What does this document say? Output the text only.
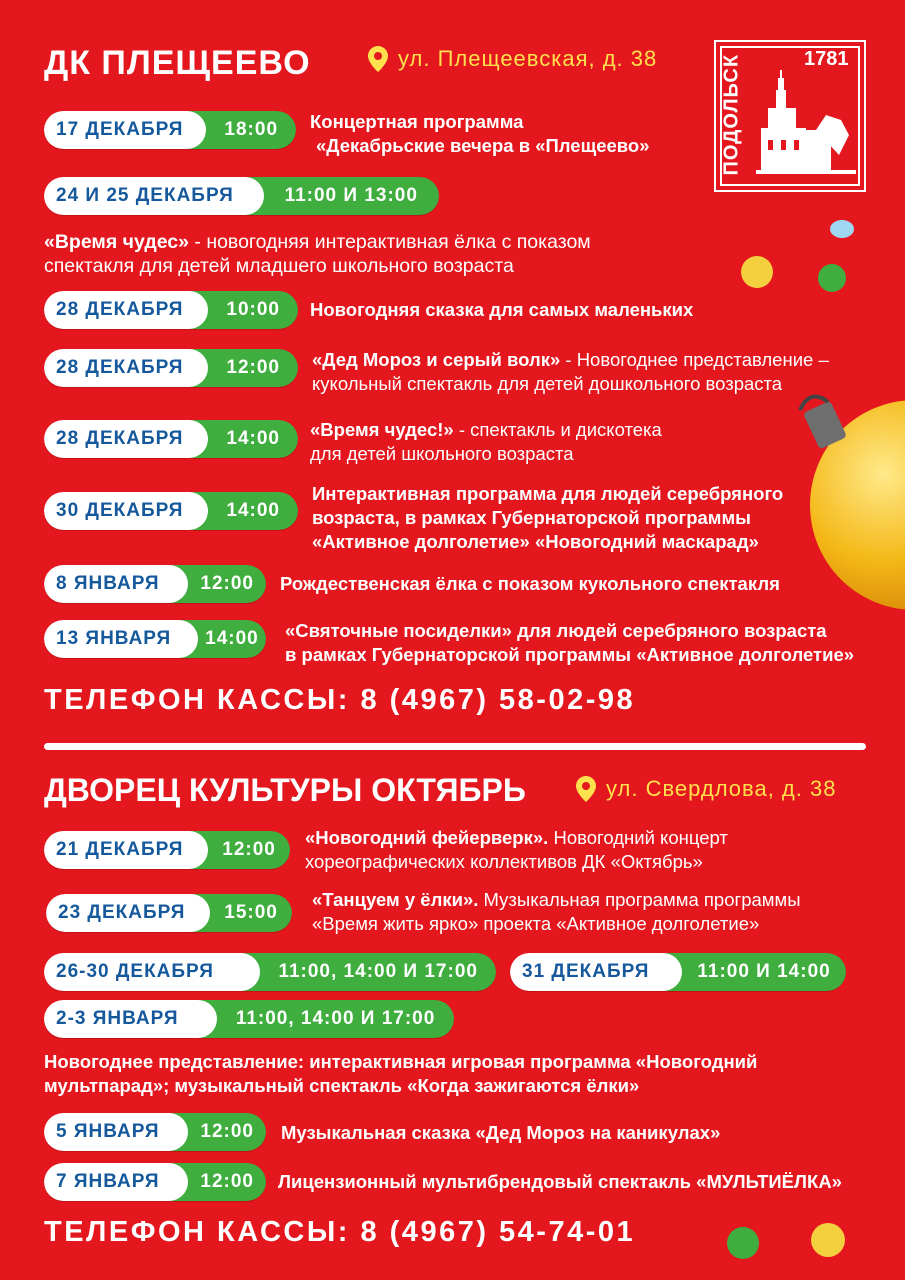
1781
ПОДОЛЬСК
ДК ПЛЕЩЕЕВО	ул. Плещеевская, д. 38
17 ДЕКАБРЯ	18:00	Концертная программа
«Декабрьские вечера в «Плещеево»
24 И 25 ДЕКАБРЯ	11:00 И 13:00
«Время чудес» - новогодняя интерактивная ёлка с показом
спектакля для детей младшего школьного возраста
28 ДЕКАБРЯ	10:00	Новогодняя сказка для самых маленьких
28 ДЕКАБРЯ	12:00	«Дед Мороз и серый волк» - Новогоднее представление –
кукольный спектакль для детей дошкольного возраста
28 ДЕКАБРЯ	14:00	«Время чудес!» - спектакль и дискотека
для детей школьного возраста
30 ДЕКАБРЯ	14:00
Интерактивная программа для людей серебряного
возраста, в рамках Губернаторской программы
«Активное долголетие» «Новогодний маскарад»
8 ЯНВАРЯ	12:00	Рождественская ёлка с показом кукольного спектакля
13 ЯНВАРЯ	14:00	«Святочные посиделки» для людей серебряного возраста
в рамках Губернаторской программы «Активное долголетие»
ТЕЛЕФОН КАССЫ: 8 (4967) 58-02-98
ДВОРЕЦ КУЛЬТУРЫ ОКТЯБРЬ	ул. Свердлова, д. 38
21 ДЕКАБРЯ	12:00
«Новогодний фейерверк». Новогодний концерт
хореографических коллективов ДК «Октябрь»
23 ДЕКАБРЯ	15:00
«Танцуем у ёлки». Музыкальная программа программы
«Время жить ярко» проекта «Активное долголетие»
26-30 ДЕКАБРЯ	11:00, 14:00 И 17:00	31 ДЕКАБРЯ	11:00 И 14:00
2-3 ЯНВАРЯ	11:00, 14:00 И 17:00
Новогоднее представление: интерактивная игровая программа «Новогодний
мультпарад»; музыкальный спектакль «Когда зажигаются ёлки»
5 ЯНВАРЯ	12:00	Музыкальная сказка «Дед Мороз на каникулах»
7 ЯНВАРЯ	12:00	Лицензионный мультибрендовый спектакль «МУЛЬТИЁЛКА»
ТЕЛЕФОН КАССЫ: 8 (4967) 54-74-01
